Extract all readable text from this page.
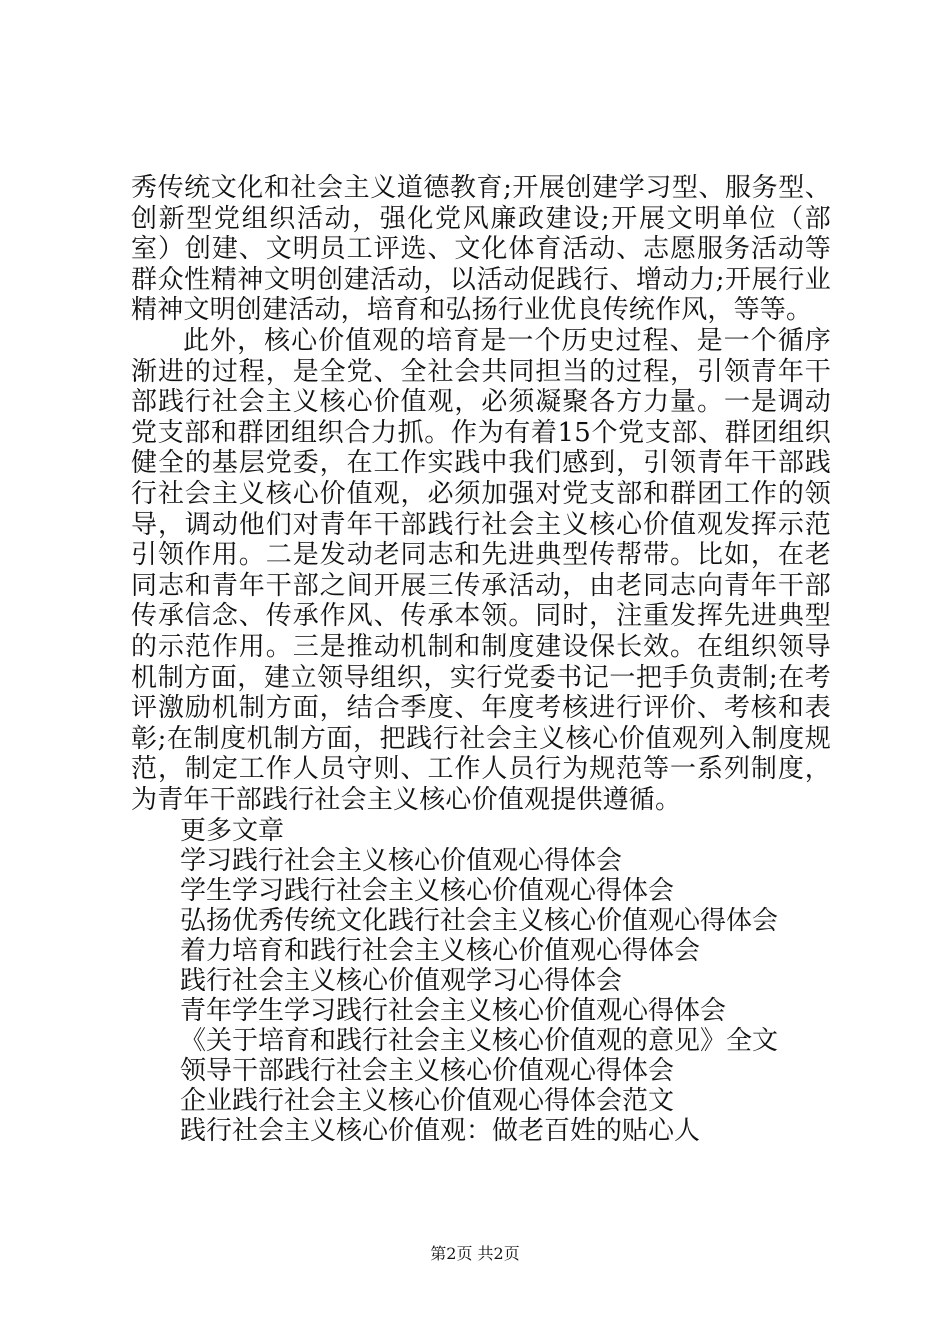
秀传统文化和社会主义道德教育;开展创建学习型、服务型、创新型党组织活动，强化党风廉政建设;开展文明单位（部室）创建、文明员工评选、文化体育活动、志愿服务活动等群众性精神文明创建活动，以活动促践行、增动力;开展行业精神文明创建活动，培育和弘扬行业优良传统作风，等等。

此外，核心价值观的培育是一个历史过程、是一个循序渐进的过程，是全党、全社会共同担当的过程，引领青年干部践行社会主义核心价值观，必须凝聚各方力量。一是调动党支部和群团组织合力抓。作为有着15个党支部、群团组织健全的基层党委，在工作实践中我们感到，引领青年干部践行社会主义核心价值观，必须加强对党支部和群团工作的领导，调动他们对青年干部践行社会主义核心价值观发挥示范引领作用。二是发动老同志和先进典型传帮带。比如，在老同志和青年干部之间开展三传承活动，由老同志向青年干部传承信念、传承作风、传承本领。同时，注重发挥先进典型的示范作用。三是推动机制和制度建设保长效。在组织领导机制方面，建立领导组织，实行党委书记一把手负责制;在考评激励机制方面，结合季度、年度考核进行评价、考核和表彰;在制度机制方面，把践行社会主义核心价值观列入制度规范，制定工作人员守则、工作人员行为规范等一系列制度，为青年干部践行社会主义核心价值观提供遵循。

更多文章

学习践行社会主义核心价值观心得体会
学生学习践行社会主义核心价值观心得体会
弘扬优秀传统文化践行社会主义核心价值观心得体会
着力培育和践行社会主义核心价值观心得体会
践行社会主义核心价值观学习心得体会
青年学生学习践行社会主义核心价值观心得体会
《关于培育和践行社会主义核心价值观的意见》全文
领导干部践行社会主义核心价值观心得体会
企业践行社会主义核心价值观心得体会范文
践行社会主义核心价值观：做老百姓的贴心人
第2页 共2页
